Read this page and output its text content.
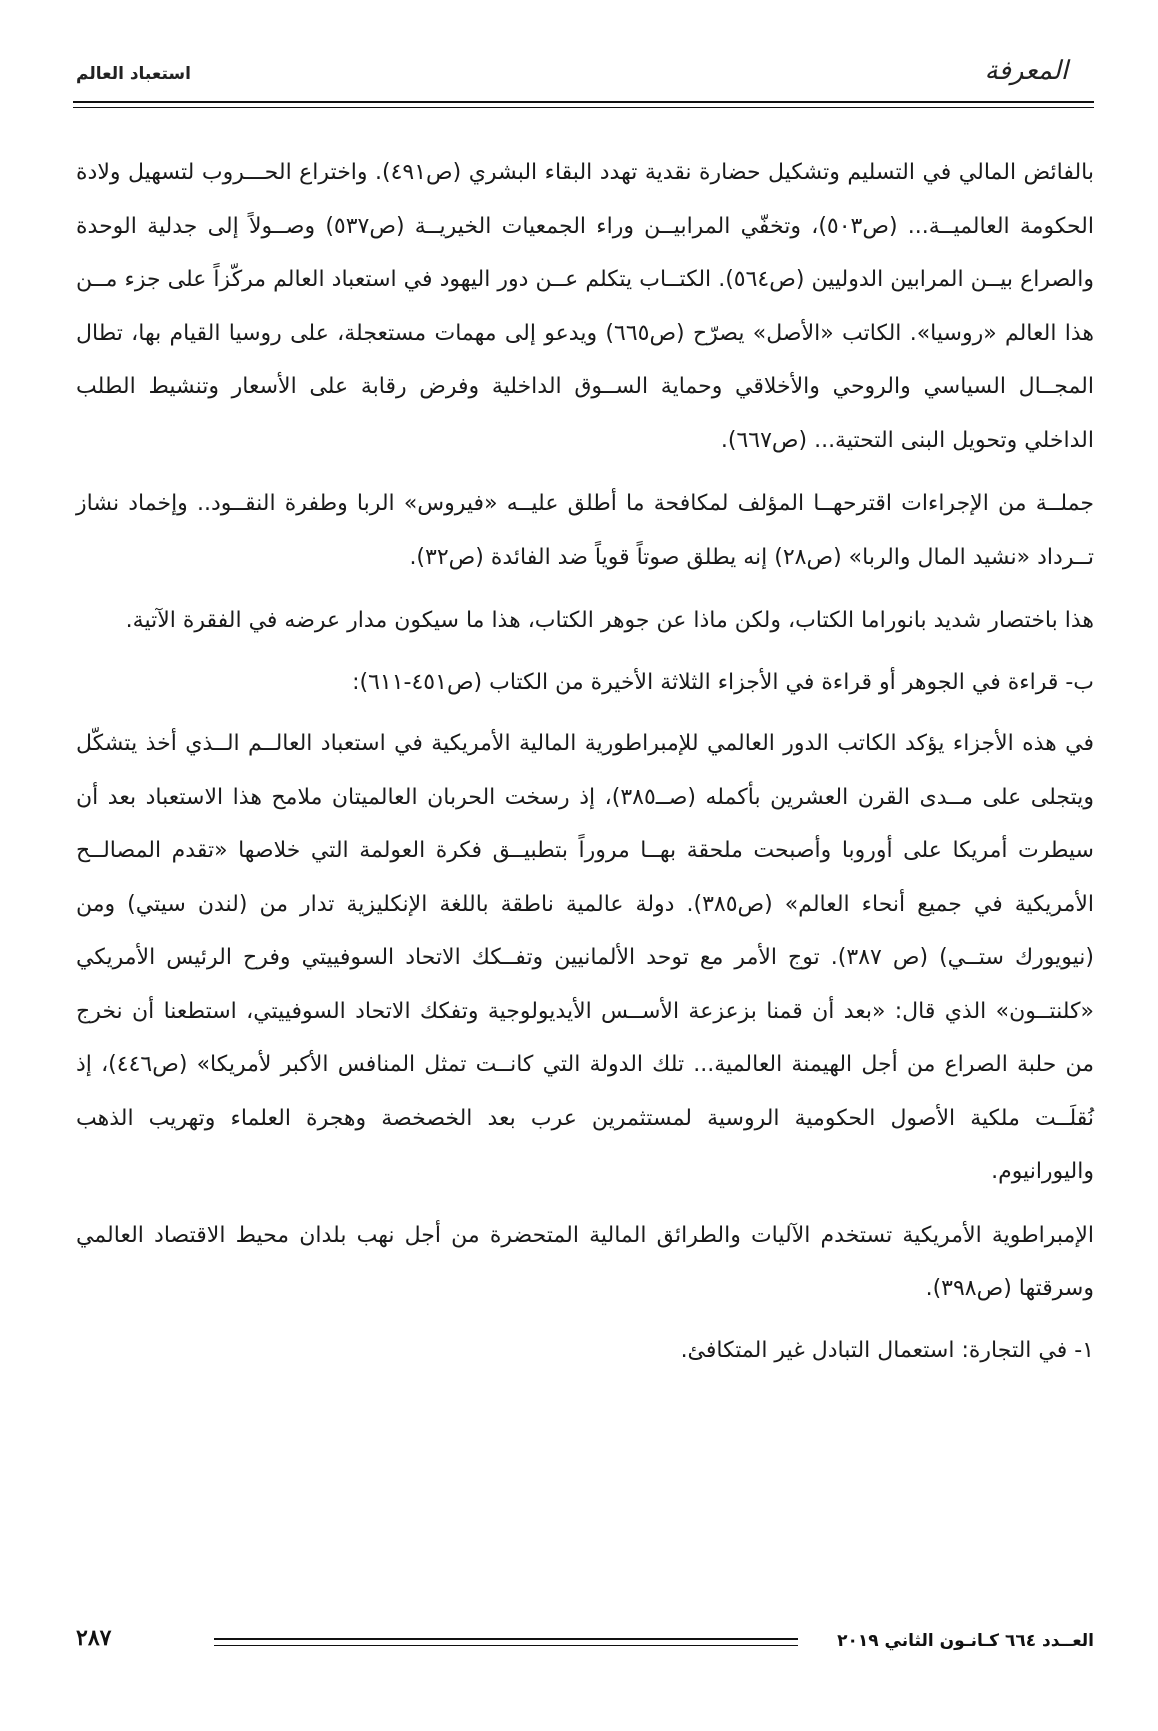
المعرفة
استعباد العالم

بالفائض المالي في التسليم وتشكيل حضارة نقدية تهدد البقاء البشري (ص٤٩١). واختراع الحـــروب لتسهيل ولادة الحكومة العالميــة... (ص٥٠٣)، وتخفّي المرابيــن وراء الجمعيات الخيريــة (ص٥٣٧) وصــولاً إلى جدلية الوحدة والصراع بيــن المرابين الدوليين (ص٥٦٤). الكتــاب يتكلم عــن دور اليهود في استعباد العالم مركّزاً على جزء مــن هذا العالم «روسيا». الكاتب «الأصل» يصرّح (ص٦٦٥) ويدعو إلى مهمات مستعجلة، على روسيا القيام بها، تطال المجــال السياسي والروحي والأخلاقي وحماية الســوق الداخلية وفرض رقابة على الأسعار وتنشيط الطلب الداخلي وتحويل البنى التحتية... (ص٦٦٧).

جملــة من الإجراءات اقترحهــا المؤلف لمكافحة ما أطلق عليــه «فيروس» الربا وطفرة النقــود.. وإخماد نشاز تــرداد «نشيد المال والربا» (ص٢٨) إنه يطلق صوتاً قوياً ضد الفائدة (ص٣٢).

هذا باختصار شديد بانوراما الكتاب، ولكن ماذا عن جوهر الكتاب، هذا ما سيكون مدار عرضه في الفقرة الآتية.

ب- قراءة في الجوهر أو قراءة في الأجزاء الثلاثة الأخيرة من الكتاب (ص٤٥١-٦١١):

في هذه الأجزاء يؤكد الكاتب الدور العالمي للإمبراطورية المالية الأمريكية في استعباد العالــم الــذي أخذ يتشكّل ويتجلى على مــدى القرن العشرين بأكمله (صــ٣٨٥)، إذ رسخت الحربان العالميتان ملامح هذا الاستعباد بعد أن سيطرت أمريكا على أوروبا وأصبحت ملحقة بهــا مروراً بتطبيــق فكرة العولمة التي خلاصها «تقدم المصالــح الأمريكية في جميع أنحاء العالم» (ص٣٨٥). دولة عالمية ناطقة باللغة الإنكليزية تدار من (لندن سيتي) ومن (نيويورك ستــي) (ص ٣٨٧). توج الأمر مع توحد الألمانيين وتفــكك الاتحاد السوفييتي وفرح الرئيس الأمريكي «كلنتــون» الذي قال: «بعد أن قمنا بزعزعة الأســس الأيديولوجية وتفكك الاتحاد السوفييتي، استطعنا أن نخرج من حلبة الصراع من أجل الهيمنة العالمية... تلك الدولة التي كانــت تمثل المنافس الأكبر لأمريكا» (ص٤٤٦)، إذ نُقلَــت ملكية الأصول الحكومية الروسية لمستثمرين عرب بعد الخصخصة وهجرة العلماء وتهريب الذهب واليورانيوم.

الإمبراطوية الأمريكية تستخدم الآليات والطرائق المالية المتحضرة من أجل نهب بلدان محيط الاقتصاد العالمي وسرقتها (ص٣٩٨).

١- في التجارة: استعمال التبادل غير المتكافئ.

العــدد ٦٦٤ كـانـون الثاني ٢٠١٩
٢٨٧
